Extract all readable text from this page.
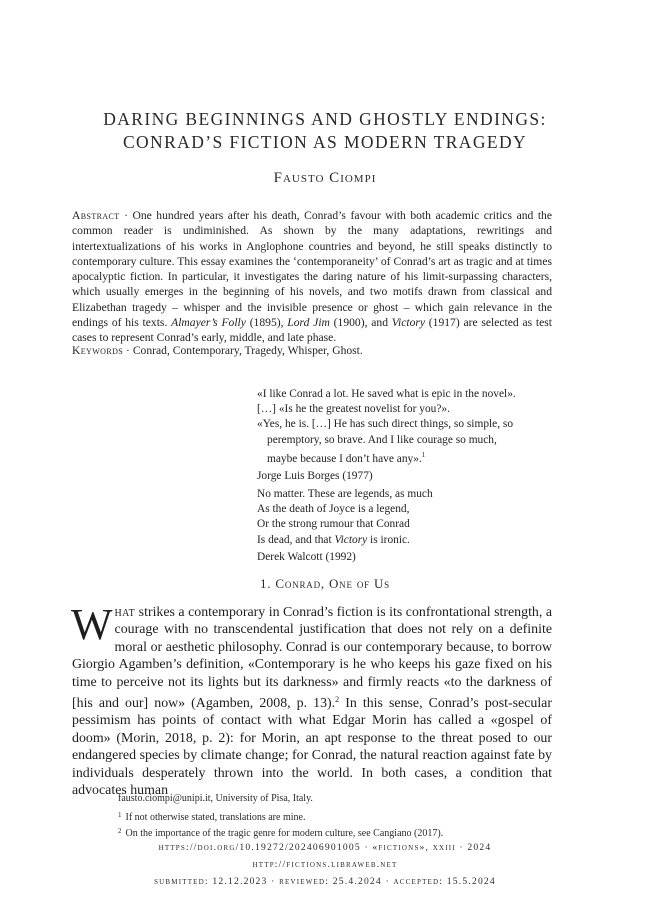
DARING BEGINNINGS AND GHOSTLY ENDINGS:
CONRAD’S FICTION AS MODERN TRAGEDY
Fausto Ciompi
Abstract · One hundred years after his death, Conrad’s favour with both academic critics and the common reader is undiminished. As shown by the many adaptations, rewritings and intertextualizations of his works in Anglophone countries and beyond, he still speaks distinctly to contemporary culture. This essay examines the ‘contemporaneity’ of Conrad’s art as tragic and at times apocalyptic fiction. In particular, it investigates the daring nature of his limit-surpassing characters, which usually emerges in the beginning of his novels, and two motifs drawn from classical and Elizabethan tragedy – whisper and the invisible presence or ghost – which gain relevance in the endings of his texts. Almayer’s Folly (1895), Lord Jim (1900), and Victory (1917) are selected as test cases to represent Conrad’s early, middle, and late phase.
Keywords · Conrad, Contemporary, Tragedy, Whisper, Ghost.
«I like Conrad a lot. He saved what is epic in the novel».
[…] «Is he the greatest novelist for you?».
«Yes, he is. […] He has such direct things, so simple, so
peremptory, so brave. And I like courage so much,
maybe because I don’t have any».$^1$
Jorge Luis Borges (1977)
No matter. These are legends, as much
As the death of Joyce is a legend,
Or the strong rumour that Conrad
Is dead, and that Victory is ironic.
Derek Walcott (1992)
1. Conrad, One of Us
What strikes a contemporary in Conrad’s fiction is its confrontational strength, a courage with no transcendental justification that does not rely on a definite moral or aesthetic philosophy. Conrad is our contemporary because, to borrow Giorgio Agamben’s definition, «Contemporary is he who keeps his gaze fixed on his time to perceive not its lights but its darkness» and firmly reacts «to the darkness of [his and our] now» (Agamben, 2008, p. 13).$^2$ In this sense, Conrad’s post-secular pessimism has points of contact with what Edgar Morin has called a «gospel of doom» (Morin, 2018, p. 2): for Morin, an apt response to the threat posed to our endangered species by climate change; for Conrad, the natural reaction against fate by individuals desperately thrown into the world. In both cases, a condition that advocates human
fausto.ciompi@unipi.it, University of Pisa, Italy.
$^1$ If not otherwise stated, translations are mine.
$^2$ On the importance of the tragic genre for modern culture, see Cangiano (2017).
https://doi.org/10.19272/202406901005 · «fictions», xxiii · 2024
http://fictions.libraweb.net
submitted: 12.12.2023 · reviewed: 25.4.2024 · accepted: 15.5.2024
